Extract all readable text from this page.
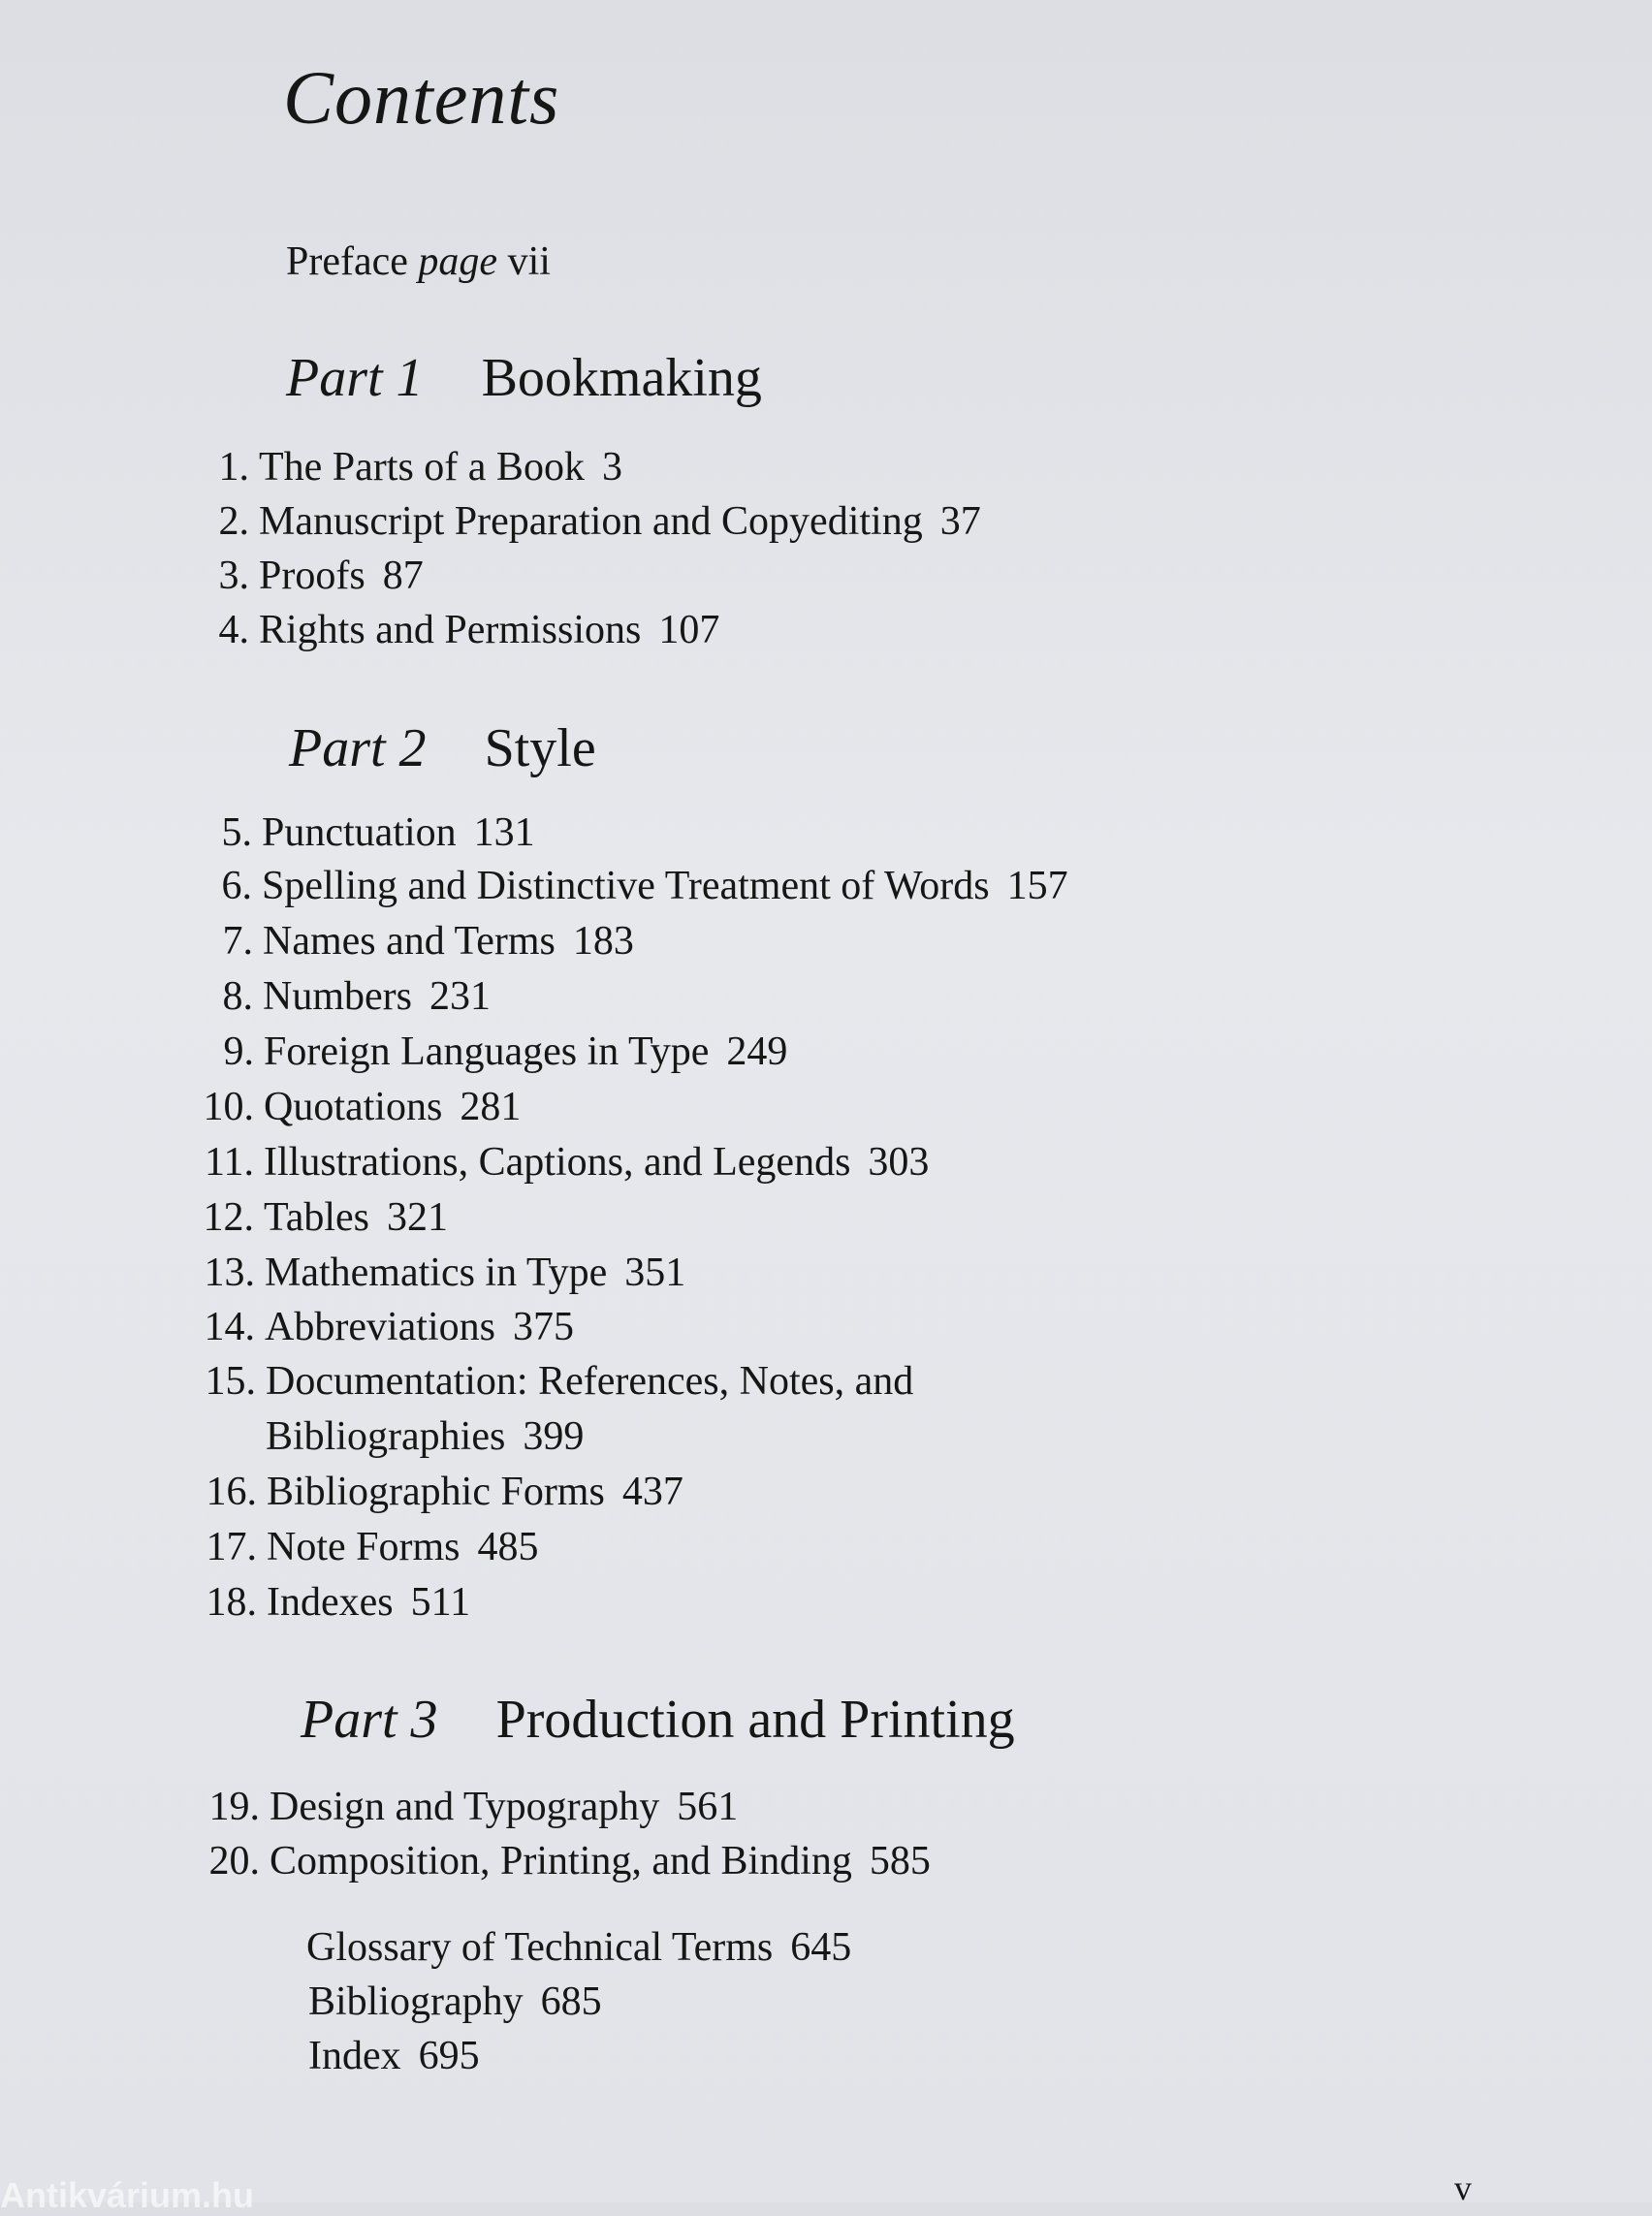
Contents
Preface page vii
Part 1 Bookmaking
Part 2 Style
Part 3 Production and Printing
1. The Parts of a Book 3
2. Manuscript Preparation and Copyediting 37
3. Proofs 87
4. Rights and Permissions 107
5. Punctuation 131
6. Spelling and Distinctive Treatment of Words 157
7. Names and Terms 183
8. Numbers 231
9. Foreign Languages in Type 249
10. Quotations 281
11. Illustrations, Captions, and Legends 303
12. Tables 321
13. Mathematics in Type 351
14. Abbreviations 375
15. Documentation: References, Notes, and
Bibliographies 399
16. Bibliographic Forms 437
17. Note Forms 485
18. Indexes 511
19. Design and Typography 561
20. Composition, Printing, and Binding 585
Glossary of Technical Terms 645
Bibliography 685
Index 695
v
Antikvárium.hu
